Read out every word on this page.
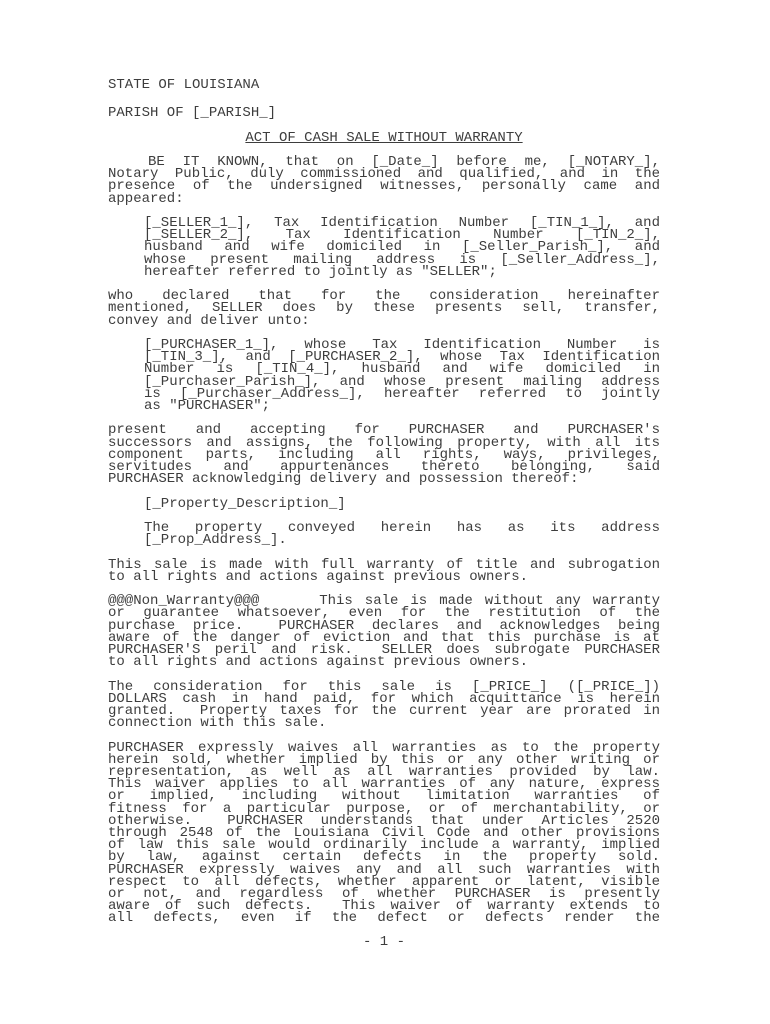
STATE OF LOUISIANA
PARISH OF [_PARISH_]
ACT OF CASH SALE WITHOUT WARRANTY
BE IT KNOWN, that on [_Date_] before me, [_NOTARY_],
Notary Public, duly commissioned and qualified, and in the
presence of the undersigned witnesses, personally came and
appeared:
[_SELLER_1_], Tax Identification Number [_TIN_1_], and
[_SELLER_2_], Tax Identification Number [_TIN_2_],
husband and wife domiciled in [_Seller_Parish_], and
whose present mailing address is [_Seller_Address_],
hereafter referred to jointly as "SELLER";
who declared that for the consideration hereinafter
mentioned, SELLER does by these presents sell, transfer,
convey and deliver unto:
[_PURCHASER_1_], whose Tax Identification Number is
[_TIN_3_], and [_PURCHASER_2_], whose Tax Identification
Number is [_TIN_4_], husband and wife domiciled in
[_Purchaser_Parish_], and whose present mailing address
is [_Purchaser_Address_], hereafter referred to jointly
as "PURCHASER";
present and accepting for PURCHASER and PURCHASER's
successors and assigns, the following property, with all its
component parts, including all rights, ways, privileges,
servitudes and appurtenances thereto belonging, said
PURCHASER acknowledging delivery and possession thereof:
[_Property_Description_]
The property conveyed herein has as its address
[_Prop_Address_].
This sale is made with full warranty of title and subrogation
to all rights and actions against previous owners.
@@@Non_Warranty@@@     This sale is made without any warranty
or guarantee whatsoever, even for the restitution of the
purchase price.  PURCHASER declares and acknowledges being
aware of the danger of eviction and that this purchase is at
PURCHASER'S peril and risk.  SELLER does subrogate PURCHASER
to all rights and actions against previous owners.
The consideration for this sale is [_PRICE_] ([_PRICE_])
DOLLARS cash in hand paid, for which acquittance is herein
granted.  Property taxes for the current year are prorated in
connection with this sale.
PURCHASER expressly waives all warranties as to the property
herein sold, whether implied by this or any other writing or
representation, as well as all warranties provided by law.
This waiver applies to all warranties of any nature, express
or implied, including without limitation warranties of
fitness for a particular purpose, or of merchantability, or
otherwise.  PURCHASER understands that under Articles 2520
through 2548 of the Louisiana Civil Code and other provisions
of law this sale would ordinarily include a warranty, implied
by law, against certain defects in the property sold.
PURCHASER expressly waives any and all such warranties with
respect to all defects, whether apparent or latent, visible
or not, and regardless of whether PURCHASER is presently
aware of such defects.  This waiver of warranty extends to
all defects, even if the defect or defects render the
- 1 -
